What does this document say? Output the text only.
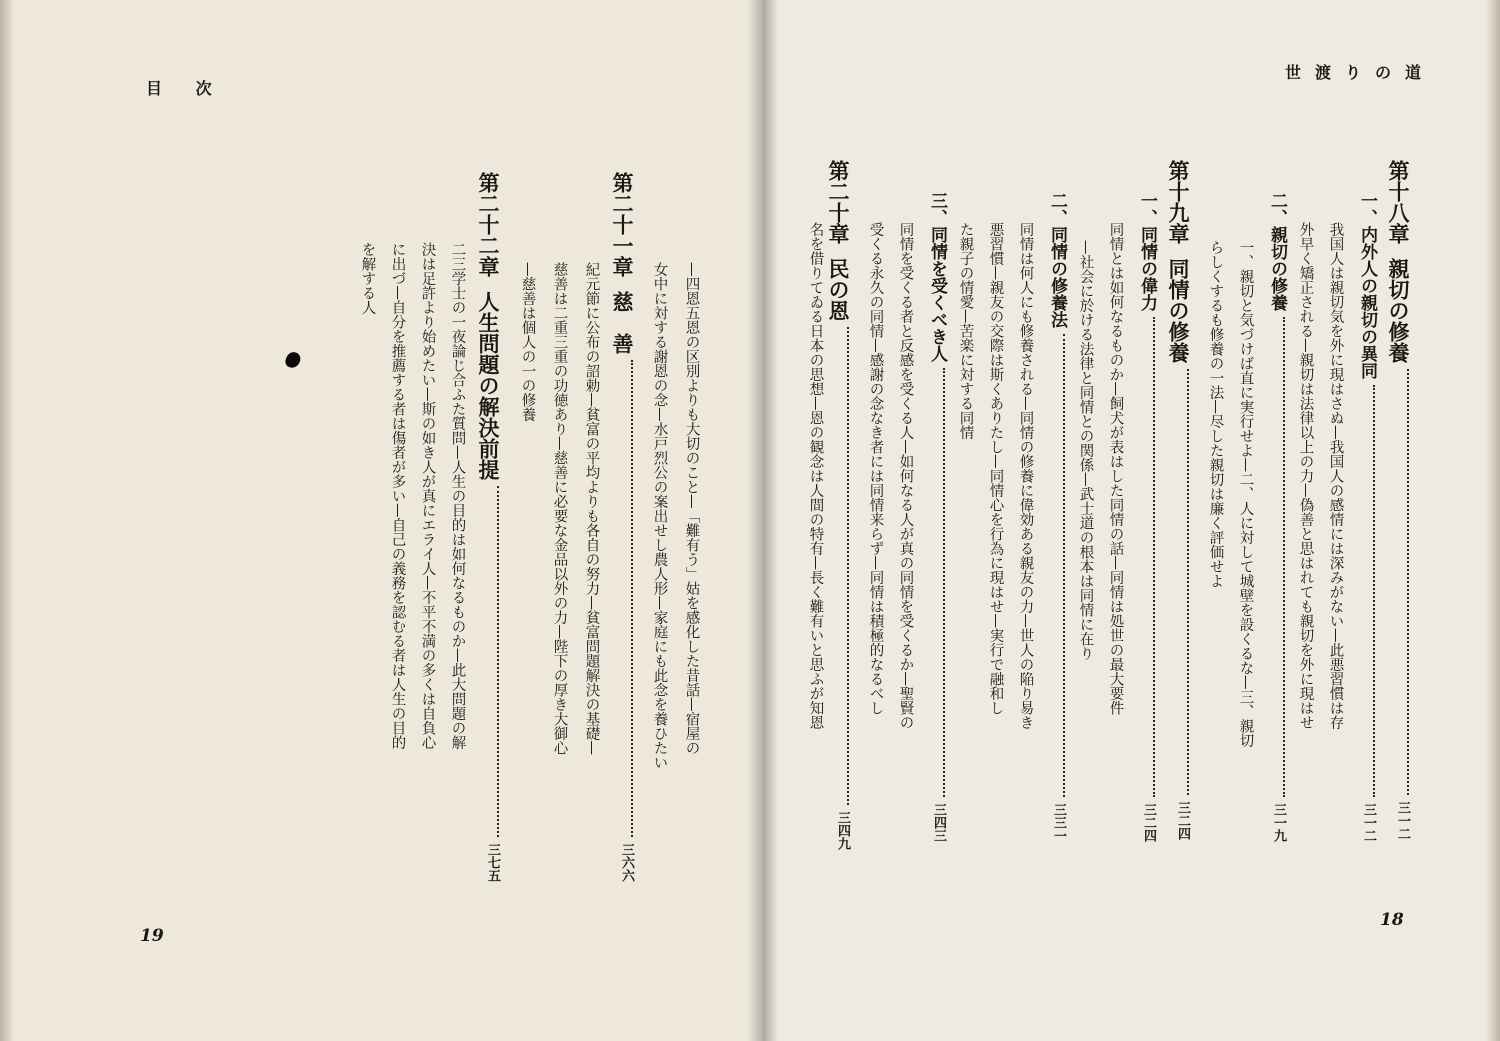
目 次
—四恩五恩の区別よりも大切のこと—「難有う」姑を感化した昔話—宿屋の
女中に対する謝恩の念—水戸烈公の案出せし農人形—家庭にも此念を養ひたい
第二十一章
慈　善
三六六
紀元節に公布の詔勅—貧富の平均よりも各自の努力—貧富問題解決の基礎—
慈善は二重三重の功徳あり—慈善に必要な金品以外の力—陛下の厚き大御心
—慈善は個人の一の修養
第二十二章
人生問題の解決前提
三七五
二三学士の一夜論じ合ふた質問—人生の目的は如何なるものか—此大問題の解
決は足許より始めたい—斯の如き人が真にエライ人—不平不満の多くは自負心
に出づ—自分を推薦する者は傷者が多い—自己の義務を認むる者は人生の目的
を解する人
19
世渡りの道
第十八章
親切の修養
三一二
一、内外人の親切の異同
三一二
我国人は親切気を外に現はさぬ—我国人の感情には深みがない—此悪習慣は存
外早く矯正される—親切は法律以上の力—偽善と思はれても親切を外に現はせ
二、親切の修養
三一九
一、親切と気づけば直に実行せよ—二、人に対して城壁を設くるな—三、親切
らしくするも修養の一法—尽した親切は廉く評価せよ
第十九章
同情の修養
三二四
一、同情の偉力
三二四
同情とは如何なるものか—飼犬が表はした同情の話—同情は処世の最大要件
—社会に於ける法律と同情との関係—武士道の根本は同情に在り
二、同情の修養法
三三一
同情は何人にも修養される—同情の修養に偉効ある親友の力—世人の陥り易き
悪習慣—親友の交際は斯くありたし—同情心を行為に現はせ—実行で融和し
た親子の情愛—苦楽に対する同情
三、同情を受くべき人
三四三
同情を受くる者と反感を受くる人—如何なる人が真の同情を受くるか—聖賢の
受くる永久の同情—感謝の念なき者には同情来らず—同情は積極的なるべし
第二十章
民の恩
三四九
名を借りてゐる日本の思想—恩の観念は人間の特有—長く難有いと思ふが知恩
18
